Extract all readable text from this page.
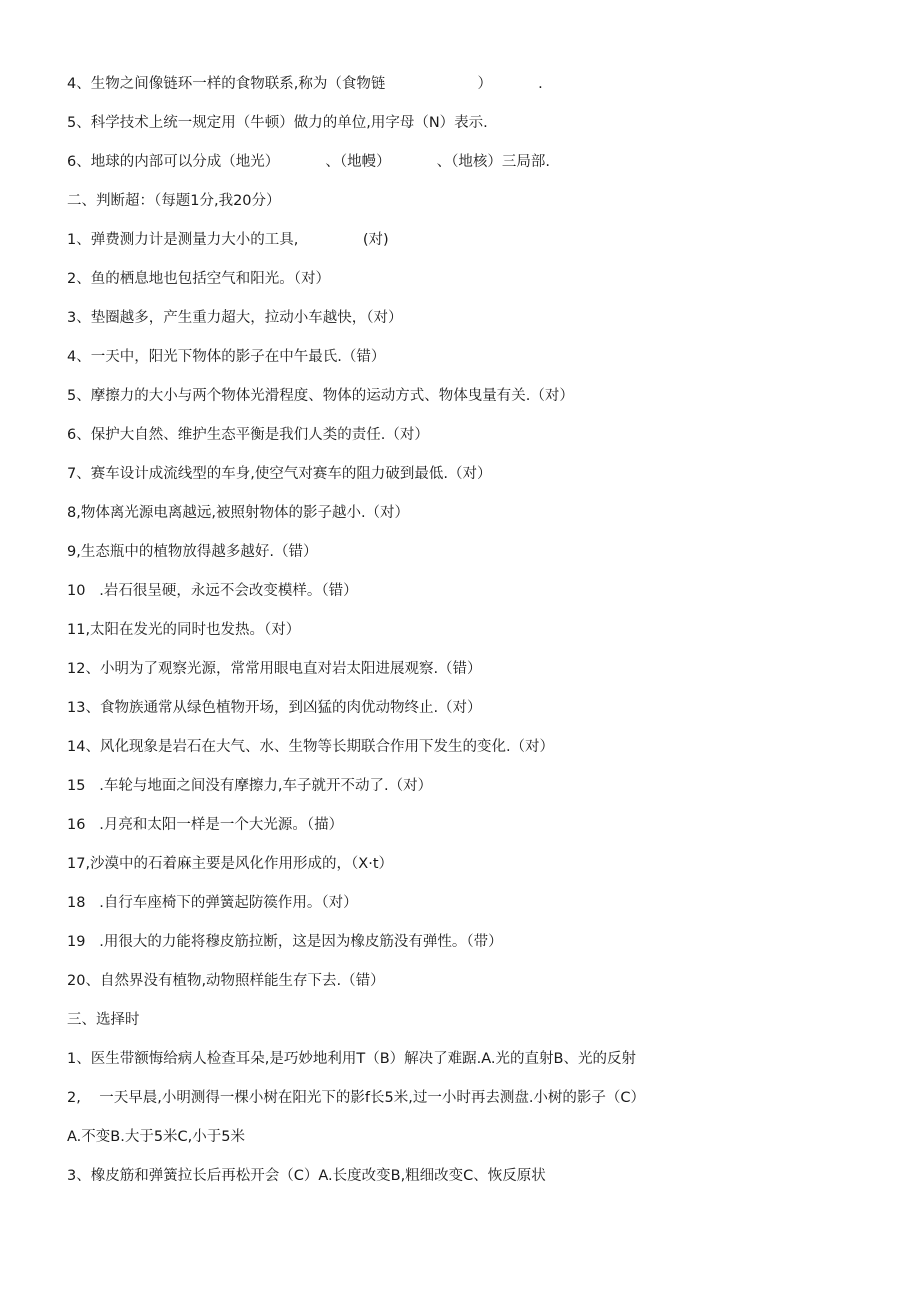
4、生物之间像链环一样的食物联系,称为（食物链                    ）          .
5、科学技术上统一规定用（牛顿）做力的单位,用字母（N）表示.
6、地球的内部可以分成（地光）          、（地幔）          、（地核）三局部.
二、判断超：（每题1分,我20分）
1、弹费测力计是测量力大小的工具,              (对)
2、鱼的栖息地也包括空气和阳光。（对）
3、垫圈越多，产生重力超大，拉动小车越快，（对）
4、一天中，阳光下物体的影子在中午最氏.（错）
5、摩擦力的大小与两个物体光滑程度、物体的运动方式、物体曳量有关.（对）
6、保护大自然、维护生态平衡是我们人类的责任.（对）
7、赛车设计成流线型的车身,使空气对赛车的阻力破到最低.（对）
8,物体离光源电离越远,被照射物体的影子越小.（对）
9,生态瓶中的植物放得越多越好.（错）
10   .岩石很呈硬，永远不会改变模样。（错）
11,太阳在发光的同时也发热。（对）
12、小明为了观察光源，常常用眼电直对岩太阳进展观察.（错）
13、食物族通常从绿色植物开场，到凶猛的肉优动物终止.（对）
14、风化现象是岩石在大气、水、生物等长期联合作用下发生的变化.（对）
15   .车轮与地面之间没有摩擦力,车子就开不动了.（对）
16   .月亮和太阳一样是一个大光源。（描）
17,沙漠中的石着麻主要是风化作用形成的，（X·t）
18   .自行车座椅下的弹簧起防篌作用。（对）
19   .用很大的力能将穆皮筋拉断，这是因为橡皮筋没有弹性。（带）
20、自然界没有植物,动物照样能生存下去.（错）
三、选择时
1、医生带额悔给病人检查耳朵,是巧妙地利用T（B）解决了难踞.A.光的直射B、光的反射
2,    一天早晨,小明测得一棵小树在阳光下的影f长5米,过一小时再去测盘.小树的影子（C）
A.不变B.大于5米C,小于5米
3、橡皮筋和弹簧拉长后再松开会（C）A.长度改变B,粗细改变C、恢反原状
